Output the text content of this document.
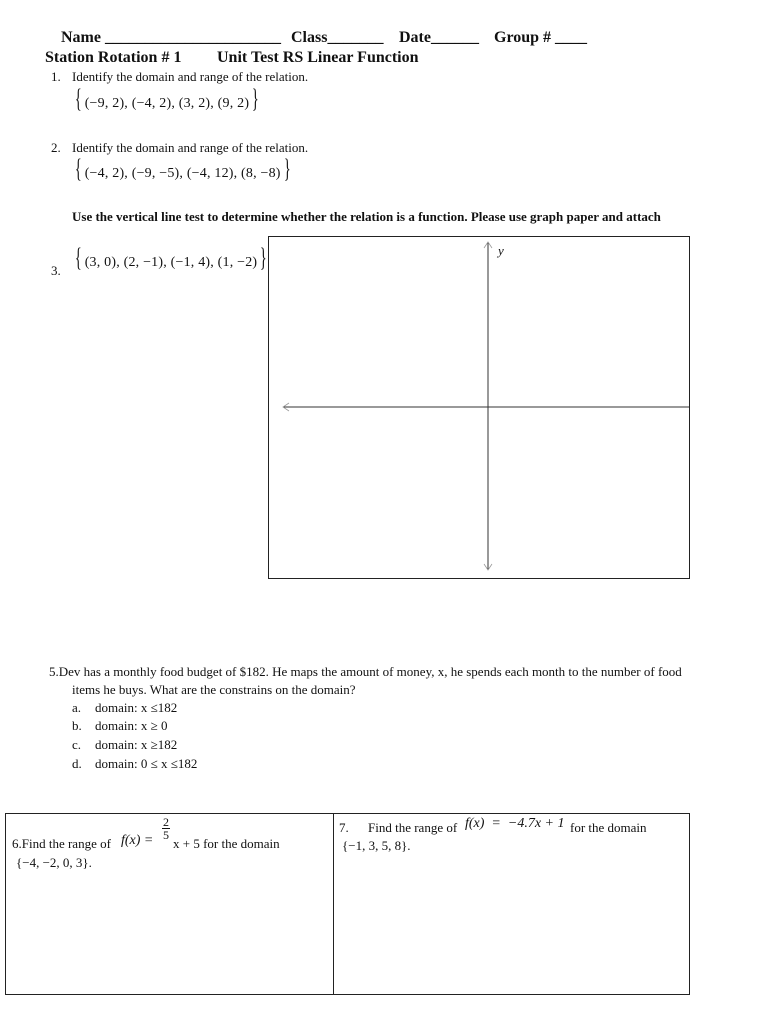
Name ______________________ Class_______ Date______ Group # ____
Station Rotation # 1 Unit Test RS Linear Function
1. Identify the domain and range of the relation.
{ (−9, 2), (−4, 2), (3, 2), (9, 2) }
2. Identify the domain and range of the relation.
{ (−4, 2), (−9, −5), (−4, 12), (8, −8) }
Use the vertical line test to determine whether the relation is a function. Please use graph paper and attach
{ (3, 0), (2, −1), (−1, 4), (1, −2) }
3.
y
5.Dev has a monthly food budget of $182. He maps the amount of money, x, he spends each month to the number of food
items he buys. What are the constrains on the domain?
a. domain: x ≤182
b. domain: x ≥ 0
c. domain: x ≥182
d. domain: 0 ≤ x ≤182
6.Find the range of $f(x) = \frac{2}{5}$
x + 5 for the domain
{−4, −2, 0, 3}.
7. Find the range of f(x)  =  −4.7x + 1 for the domain
{−1, 3, 5, 8}.
